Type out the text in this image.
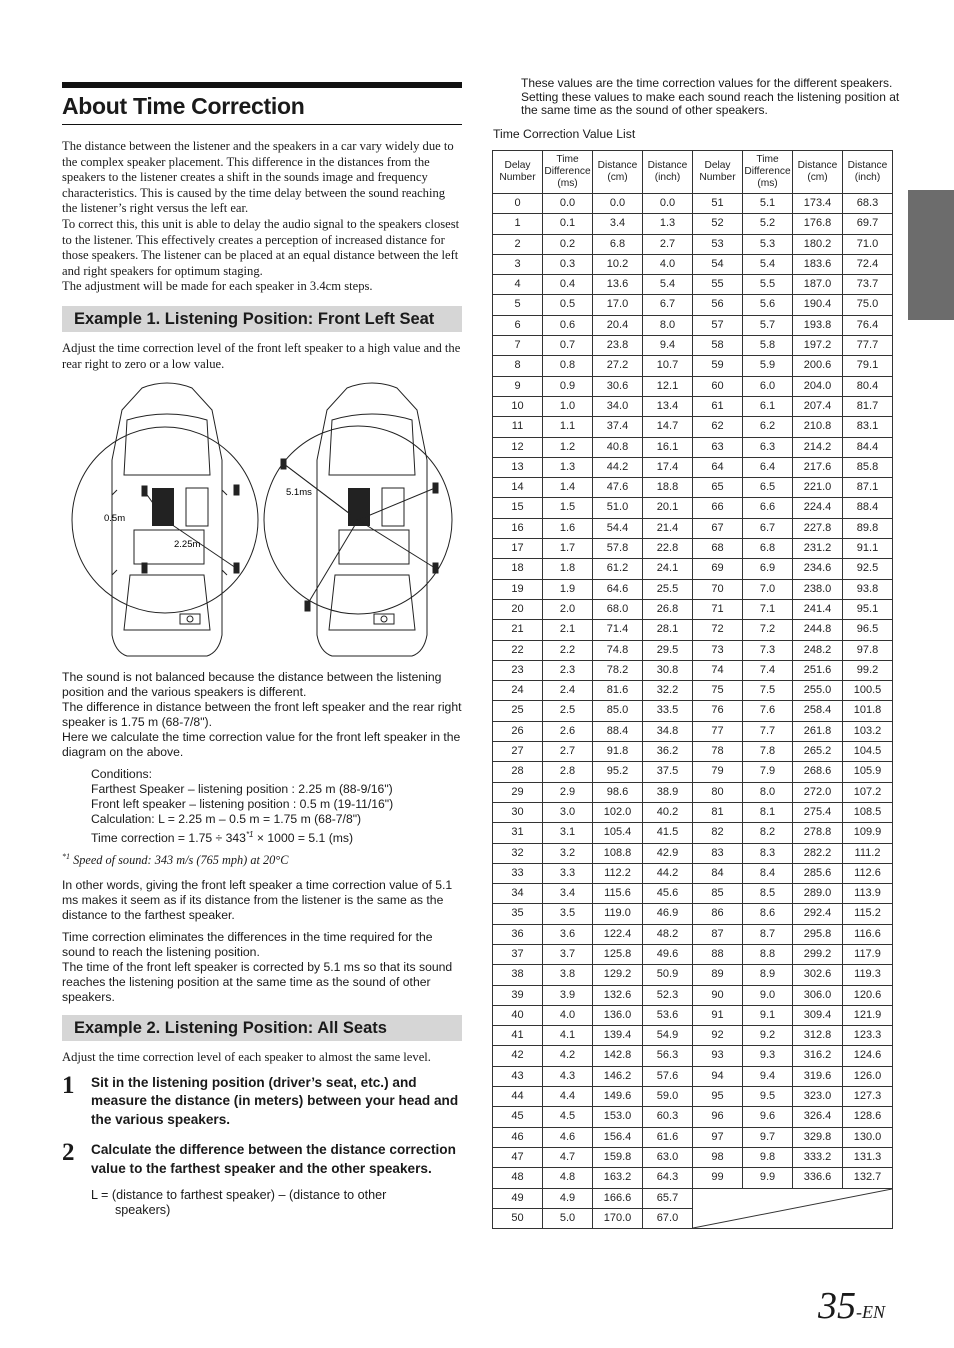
About Time Correction

The distance between the listener and the speakers in a car vary widely due to the complex speaker placement. This difference in the distances from the speakers to the listener creates a shift in the sounds image and frequency characteristics. This is caused by the time delay between the sound reaching the listener’s right versus the left ear.

To correct this, this unit is able to delay the audio signal to the speakers closest to the listener. This effectively creates a perception of increased distance for those speakers. The listener can be placed at an equal distance between the left and right speakers for optimum staging.

The adjustment will be made for each speaker in 3.4cm steps.

Example 1. Listening Position: Front Left Seat

Adjust the time correction level of the front left speaker to a high value and the rear right to zero or a low value.

0.5m
2.25m
5.1ms

The sound is not balanced because the distance between the listening position and the various speakers is different.

The difference in distance between the front left speaker and the rear right speaker is 1.75 m (68-7/8").

Here we calculate the time correction value for the front left speaker in the diagram on the above.

Conditions:

Farthest Speaker – listening position : 2.25 m (88-9/16")

Front left speaker – listening position : 0.5 m (19-11/16")

Calculation: L = 2.25 m – 0.5 m = 1.75 m (68-7/8")

Time correction = $1.75 \div 343^{*1} \times 1000 = 5.1$ (ms)

$^{*1}$ Speed of sound: 343 m/s (765 mph) at 20°C

In other words, giving the front left speaker a time correction value of 5.1 ms makes it seem as if its distance from the listener is the same as the distance to the farthest speaker.

Time correction eliminates the differences in the time required for the sound to reach the listening position.

The time of the front left speaker is corrected by 5.1 ms so that its sound reaches the listening position at the same time as the sound of other speakers.

Example 2. Listening Position: All Seats

Adjust the time correction level of each speaker to almost the same level.

1	Sit in the listening position (driver’s seat, etc.) and measure the distance (in meters) between your head and the various speakers.
2	Calculate the difference between the distance correction value to the farthest speaker and the other speakers.
L = (distance to farthest speaker) – (distance to other
speakers)
These values are the time correction values for the different speakers. Setting these values to make each sound reach the listening position at the same time as the sound of other speakers.
Time Correction Value List
Delay Number	Time Difference (ms)	Distance (cm)	Distance (inch)	Delay Number	Time Difference (ms)	Distance (cm)	Distance (inch)
0	0.0	0.0	0.0	51	5.1	173.4	68.3
1	0.1	3.4	1.3	52	5.2	176.8	69.7
2	0.2	6.8	2.7	53	5.3	180.2	71.0
3	0.3	10.2	4.0	54	5.4	183.6	72.4
4	0.4	13.6	5.4	55	5.5	187.0	73.7
5	0.5	17.0	6.7	56	5.6	190.4	75.0
6	0.6	20.4	8.0	57	5.7	193.8	76.4
7	0.7	23.8	9.4	58	5.8	197.2	77.7
8	0.8	27.2	10.7	59	5.9	200.6	79.1
9	0.9	30.6	12.1	60	6.0	204.0	80.4
10	1.0	34.0	13.4	61	6.1	207.4	81.7
11	1.1	37.4	14.7	62	6.2	210.8	83.1
12	1.2	40.8	16.1	63	6.3	214.2	84.4
13	1.3	44.2	17.4	64	6.4	217.6	85.8
14	1.4	47.6	18.8	65	6.5	221.0	87.1
15	1.5	51.0	20.1	66	6.6	224.4	88.4
16	1.6	54.4	21.4	67	6.7	227.8	89.8
17	1.7	57.8	22.8	68	6.8	231.2	91.1
18	1.8	61.2	24.1	69	6.9	234.6	92.5
19	1.9	64.6	25.5	70	7.0	238.0	93.8
20	2.0	68.0	26.8	71	7.1	241.4	95.1
21	2.1	71.4	28.1	72	7.2	244.8	96.5
22	2.2	74.8	29.5	73	7.3	248.2	97.8
23	2.3	78.2	30.8	74	7.4	251.6	99.2
24	2.4	81.6	32.2	75	7.5	255.0	100.5
25	2.5	85.0	33.5	76	7.6	258.4	101.8
26	2.6	88.4	34.8	77	7.7	261.8	103.2
27	2.7	91.8	36.2	78	7.8	265.2	104.5
28	2.8	95.2	37.5	79	7.9	268.6	105.9
29	2.9	98.6	38.9	80	8.0	272.0	107.2
30	3.0	102.0	40.2	81	8.1	275.4	108.5
31	3.1	105.4	41.5	82	8.2	278.8	109.9
32	3.2	108.8	42.9	83	8.3	282.2	111.2
33	3.3	112.2	44.2	84	8.4	285.6	112.6
34	3.4	115.6	45.6	85	8.5	289.0	113.9
35	3.5	119.0	46.9	86	8.6	292.4	115.2
36	3.6	122.4	48.2	87	8.7	295.8	116.6
37	3.7	125.8	49.6	88	8.8	299.2	117.9
38	3.8	129.2	50.9	89	8.9	302.6	119.3
39	3.9	132.6	52.3	90	9.0	306.0	120.6
40	4.0	136.0	53.6	91	9.1	309.4	121.9
41	4.1	139.4	54.9	92	9.2	312.8	123.3
42	4.2	142.8	56.3	93	9.3	316.2	124.6
43	4.3	146.2	57.6	94	9.4	319.6	126.0
44	4.4	149.6	59.0	95	9.5	323.0	127.3
45	4.5	153.0	60.3	96	9.6	326.4	128.6
46	4.6	156.4	61.6	97	9.7	329.8	130.0
47	4.7	159.8	63.0	98	9.8	333.2	131.3
48	4.8	163.2	64.3	99	9.9	336.6	132.7
49	4.9	166.6	65.7	

50	5.0	170.0	67.0				
35-EN
